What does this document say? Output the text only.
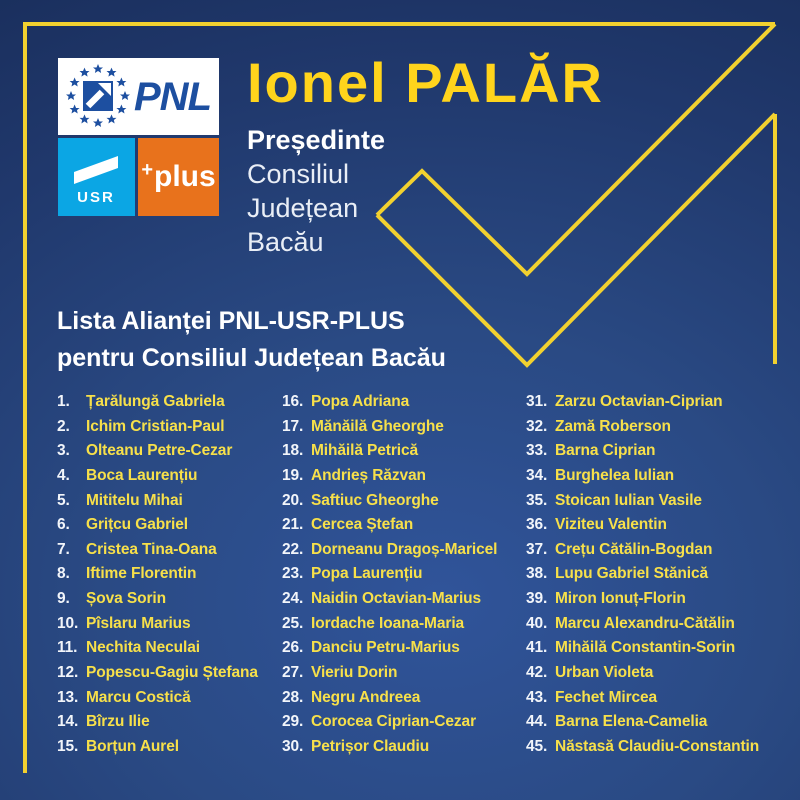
PNL
USR
+ plus
Ionel PALĂR
Președinte
Consiliul
Județean
Bacău
Lista Alianței PNL-USR-PLUS
pentru Consiliul Județean Bacău
1.	Țarălungă Gabriela
2.	Ichim Cristian-Paul
3.	Olteanu Petre-Cezar
4.	Boca Laurențiu
5.	Mititelu Mihai
6.	Grițcu Gabriel
7.	Cristea Tina-Oana
8.	Iftime Florentin
9.	Șova Sorin
10. Pîslaru Marius
11. Nechita Neculai
12. Popescu-Gagiu Ștefana
13. Marcu Costică
14. Bîrzu Ilie
15. Borțun Aurel
16. Popa Adriana
17. Mănăilă Gheorghe
18. Mihăilă Petrică
19. Andrieș Răzvan
20. Saftiuc Gheorghe
21. Cercea Ștefan
22. Dorneanu Dragoș-Maricel
23. Popa Laurențiu
24. Naidin Octavian-Marius
25. Iordache Ioana-Maria
26. Danciu Petru-Marius
27. Vieriu Dorin
28. Negru Andreea
29. Corocea Ciprian-Cezar
30. Petrișor Claudiu
31. Zarzu Octavian-Ciprian
32. Zamă Roberson
33. Barna Ciprian
34. Burghelea Iulian
35. Stoican Iulian Vasile
36. Viziteu Valentin
37. Crețu Cătălin-Bogdan
38. Lupu Gabriel Stănică
39. Miron Ionuț-Florin
40. Marcu Alexandru-Cătălin
41. Mihăilă Constantin-Sorin
42. Urban Violeta
43. Fechet Mircea
44. Barna Elena-Camelia
45. Năstasă Claudiu-Constantin
